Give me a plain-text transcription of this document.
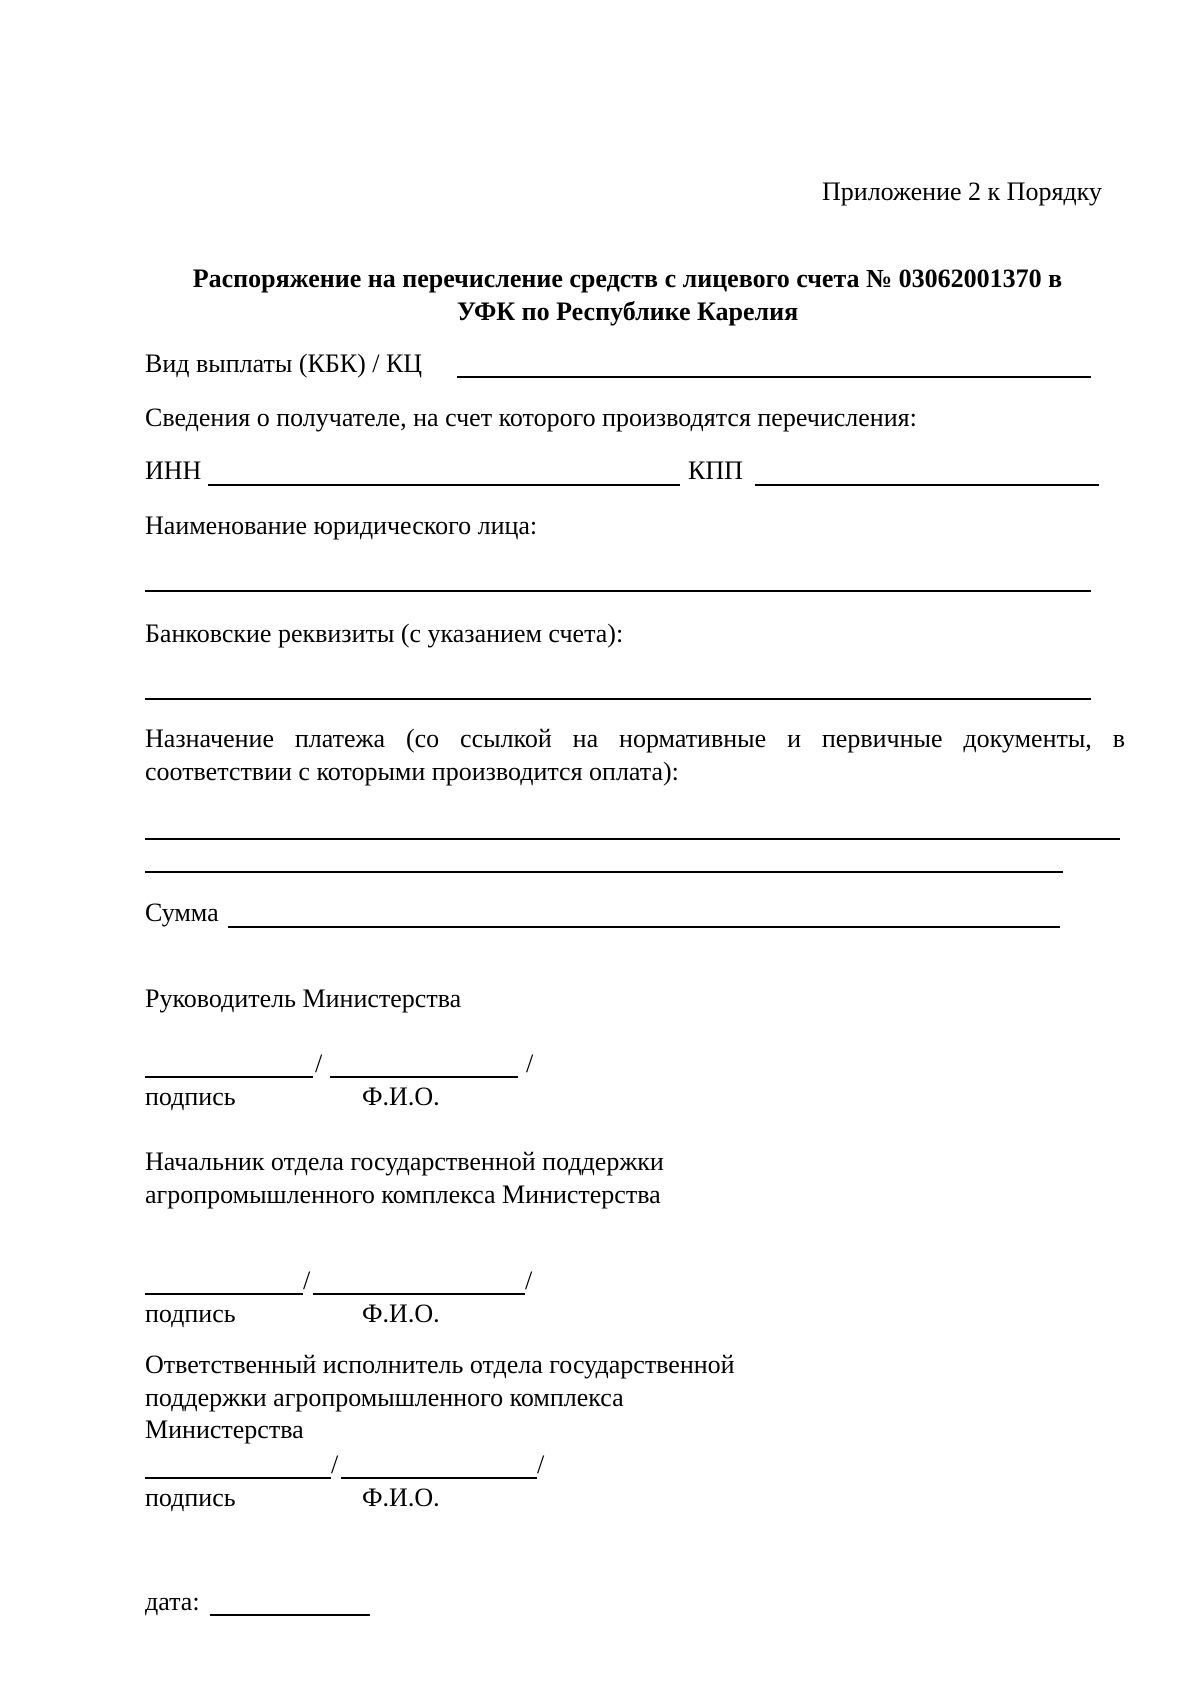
Приложение 2 к Порядку
Распоряжение на перечисление средств с лицевого счета № 03062001370 в
УФК по Республике Карелия
Вид выплаты (КБК) / КЦ
Сведения о получателе, на счет которого производятся перечисления:
ИНН	КПП
Наименование юридического лица:
Банковские реквизиты (с указанием счета):
Назначение платежа (со ссылкой на нормативные и первичные документы, в
соответствии с которыми производится оплата):
Сумма
Руководитель Министерства
/	/
подпись	Ф.И.О.
Начальник отдела государственной поддержки
агропромышленного комплекса Министерства
/	/
подпись	Ф.И.О.
Ответственный исполнитель отдела государственной
поддержки агропромышленного комплекса
Министерства
/	/
подпись	Ф.И.О.
дата:
